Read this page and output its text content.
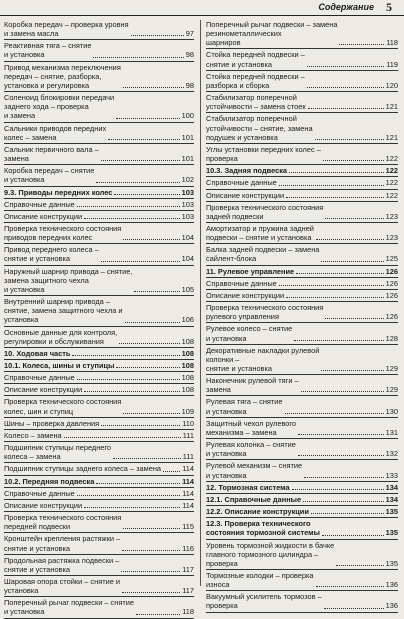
Содержание 5
Коробка передач – проверка уровня
и замена масла	97
Реактивная тяга – снятие
и установка	98
Привод механизма переключения
передач – снятие, разборка,
установка и регулировка	98
Соленоид блокировки передачи
заднего хода – проверка
и замена	100
Сальники приводов передних
колес – замена	101
Сальник первичного вала –
замена	101
Коробка передач – снятие
и установка	102
9.3. Приводы передних колес	103
Справочные данные	103
Описание конструкции	103
Проверка технического состояния
приводов передних колес	104
Привод переднего колеса –
снятие и установка	104
Наружный шарнир привода – снятие,
замена защитного чехла
и установка	105
Внутренний шарнир привода –
снятие, замена защитного чехла и
установка	106
Основные данные для контроля,
регулировки и обслуживания	108
10. Ходовая часть	108
10.1. Колеса, шины и ступицы	108
Справочные данные	108
Описание конструкции	108
Проверка технического состояния
колес, шин и ступиц	109
Шины – проверка давления	110
Колесо – замена	111
Подшипник ступицы переднего
колеса – замена	111
Подшипник ступицы заднего колеса – замена	114
10.2. Передняя подвеска	114
Справочные данные	114
Описание конструкции	114
Проверка технического состояния
передней подвески	115
Кронштейн крепления растяжки –
снятие и установка	116
Продольная растяжка подвески –
снятие и установка	117
Шаровая опора стойки – снятие и
установка	117
Поперечный рычаг подвески – снятие
и установка	118
Поперечный рычаг подвески – замена
резинометаллических
шарниров	118
Стойка передней подвески –
снятие и установка	119
Стойка передней подвески –
разборка и сборка	120
Стабилизатор поперечной
устойчивости – замена стоек	121
Стабилизатор поперечной
устойчивости – снятие, замена
подушек и установка	121
Углы установки передних колес –
проверка	122
10.3. Задняя подвеска	122
Справочные данные	122
Описание конструкции	122
Проверка технического состояния
задней подвески	123
Амортизатор и пружина задней
подвески – снятие и установка	123
Балка задней подвески – замена
сайлент-блока	125
11. Рулевое управление	126
Справочные данные	126
Описание конструкции	126
Проверка технического состояния
рулевого управления	126
Рулевое колесо – снятие
и установка	128
Декоративные накладки рулевой
колонки –
снятие и установка	129
Наконечник рулевой тяги –
замена	129
Рулевая тяга – снятие
и установка	130
Защитный чехол рулевого
механизма – замена	131
Рулевая колонка – снятие
и установка	132
Рулевой механизм – снятие
и установка	133
12. Тормозная система	134
12.1. Справочные данные	134
12.2. Описание конструкции	135
12.3. Проверка технического
состояния тормозной системы	135
Уровень тормозной жидкости в бачке
главного тормозного цилиндра –
проверка	135
Тормозные колодки – проверка
износа	136
Вакуумный усилитель тормозов –
проверка	136
